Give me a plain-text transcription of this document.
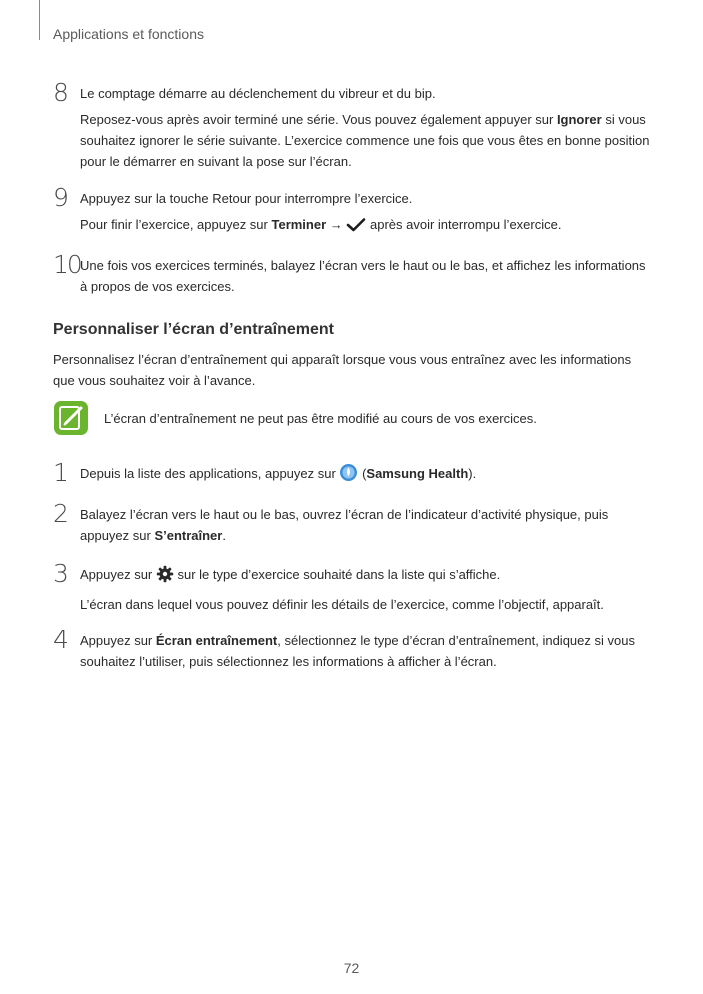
Applications et fonctions
8	Le comptage démarre au déclenchement du vibreur et du bip.
Reposez-vous après avoir terminé une série. Vous pouvez également appuyer sur Ignorer si vous souhaitez ignorer le série suivante. L’exercice commence une fois que vous êtes en bonne position pour le démarrer en suivant la pose sur l’écran.
9	Appuyez sur la touche Retour pour interrompre l’exercice.
Pour finir l’exercice, appuyez sur Terminer →  après avoir interrompu l’exercice.
10 Une fois vos exercices terminés, balayez l’écran vers le haut ou le bas, et affichez les informations à propos de vos exercices.
Personnaliser l’écran d’entraînement
Personnalisez l’écran d’entraînement qui apparaît lorsque vous vous entraînez avec les informations que vous souhaitez voir à l’avance.
L’écran d’entraînement ne peut pas être modifié au cours de vos exercices.
1	Depuis la liste des applications, appuyez sur  (Samsung Health).
2	Balayez l’écran vers le haut ou le bas, ouvrez l’écran de l’indicateur d’activité physique, puis appuyez sur S’entraîner.
3	Appuyez sur  sur le type d’exercice souhaité dans la liste qui s’affiche.
L’écran dans lequel vous pouvez définir les détails de l’exercice, comme l’objectif, apparaît.
4	Appuyez sur Écran entraînement, sélectionnez le type d’écran d’entraînement, indiquez si vous souhaitez l’utiliser, puis sélectionnez les informations à afficher à l’écran.
72
